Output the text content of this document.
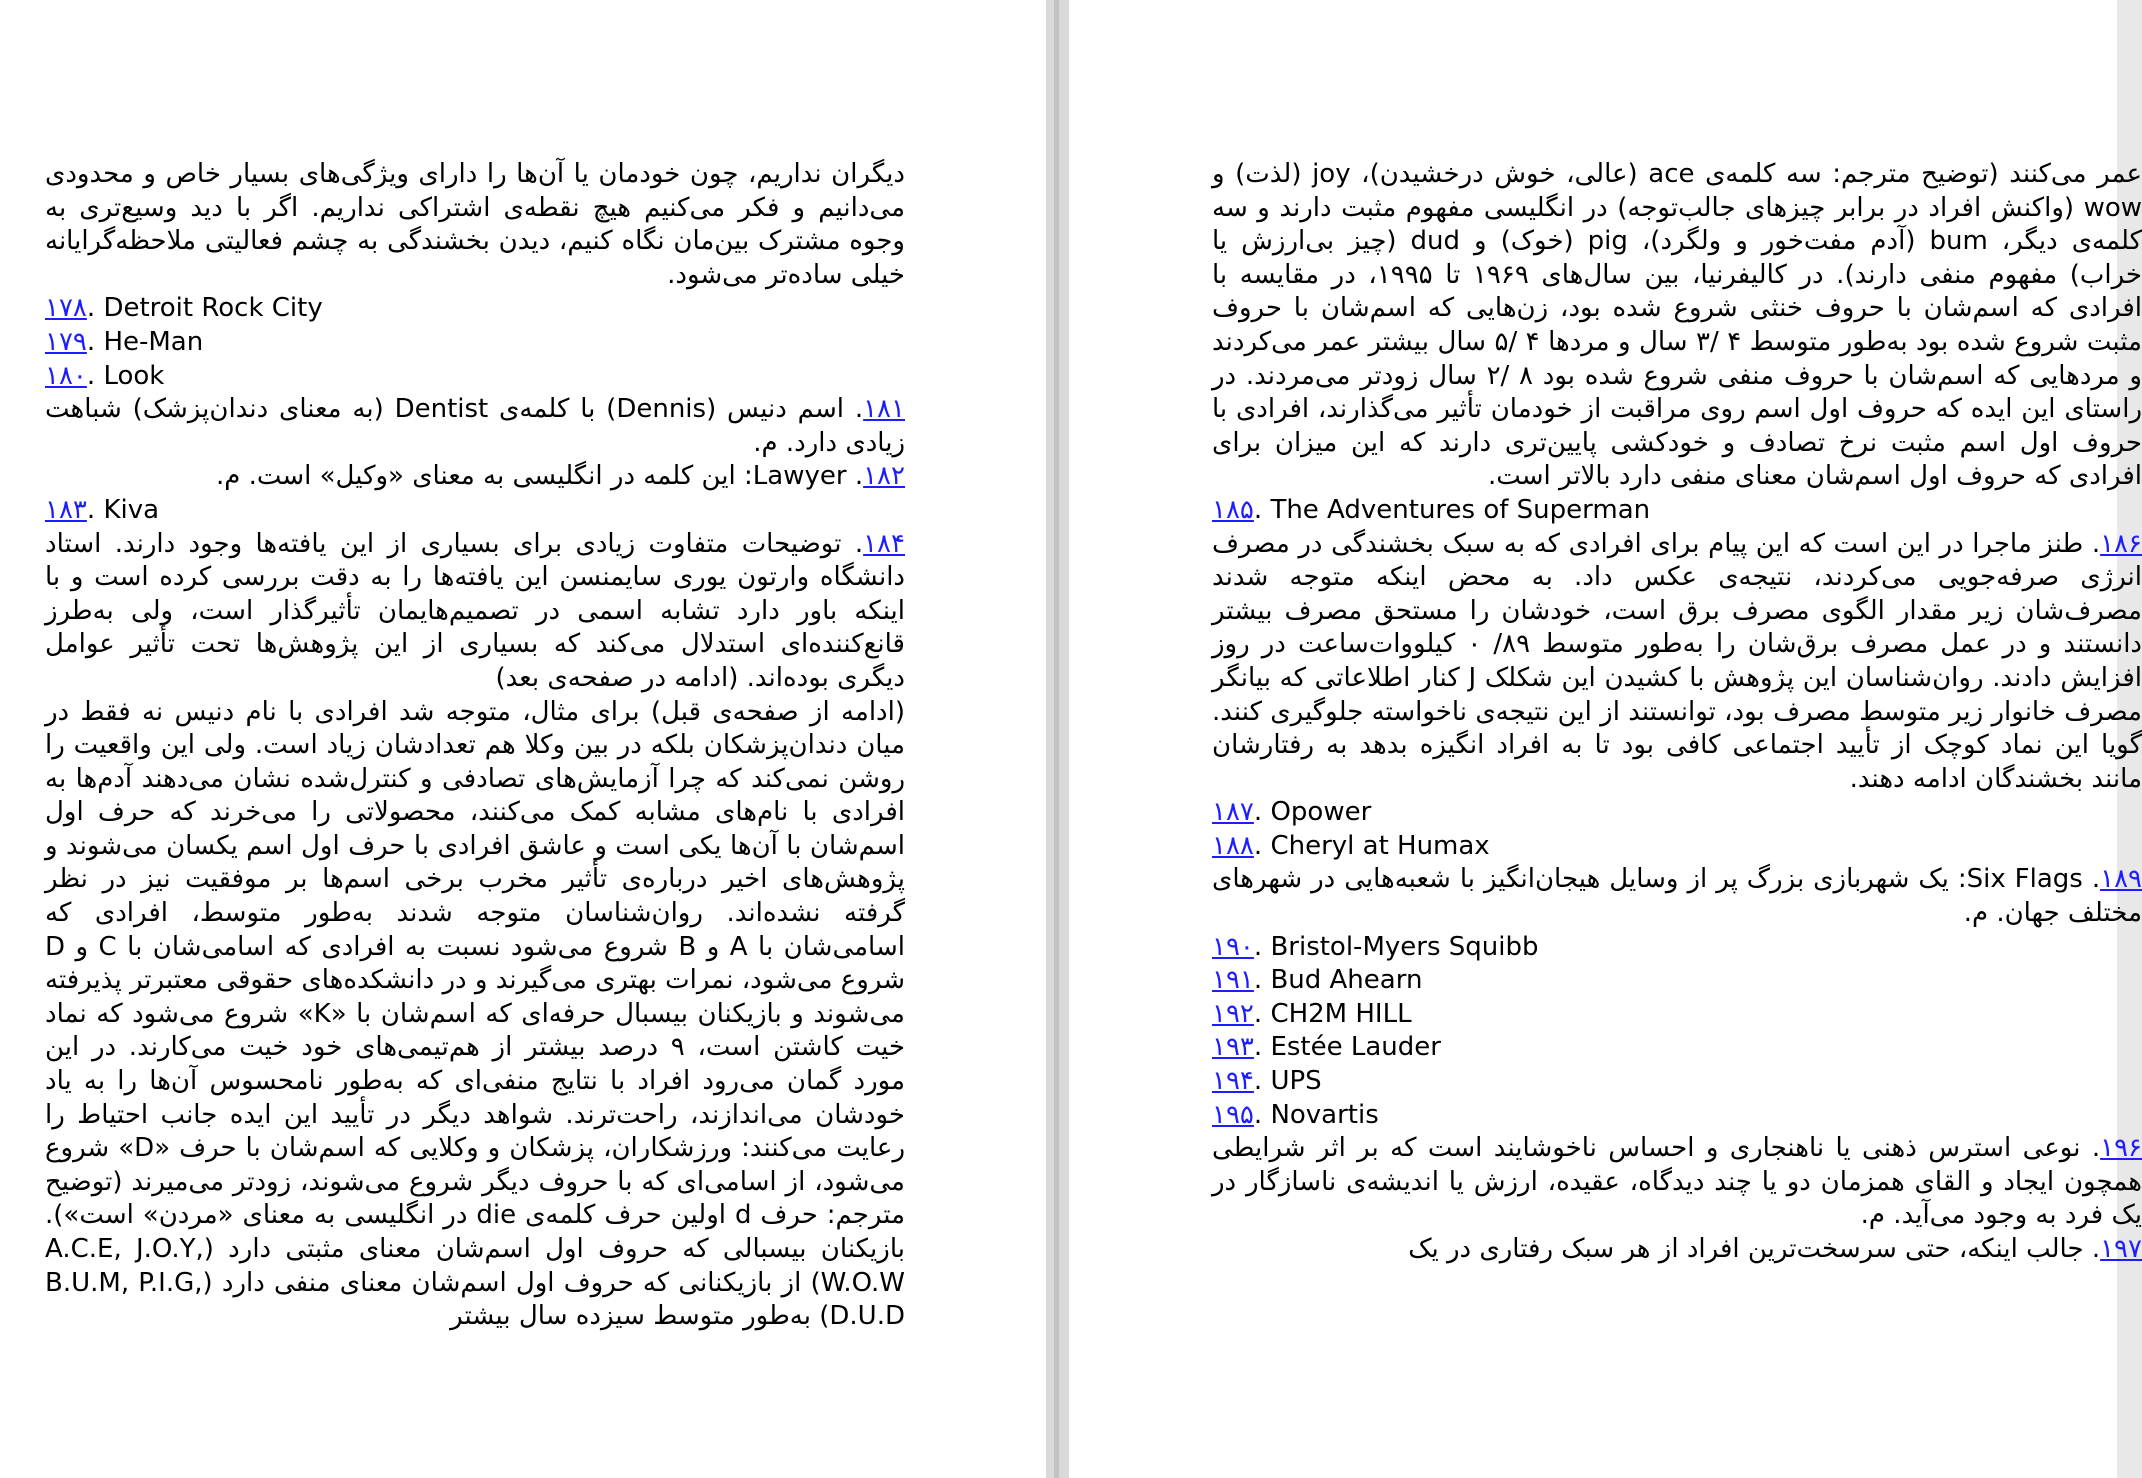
دیگران نداریم، چون خودمان یا آن‌ها را دارای ویژگی‌های بسیار خاص و محدودی می‌دانیم و فکر می‌کنیم هیچ نقطه‌ی اشتراکی نداریم. اگر با دید وسیع‌تری به وجوه مشترک بین‌مان نگاه کنیم، دیدن بخشندگی به چشم فعالیتی ملاحظه‌گرایانه خیلی ساده‌تر می‌شود.

۱۷۸. Detroit Rock City

۱۷۹. He-Man

۱۸۰. Look

۱۸۱. اسم دنیس (Dennis) با کلمه‌ی Dentist (به معنای دندان‌پزشک) شباهت زیادی دارد. م.

۱۸۲. Lawyer: این کلمه در انگلیسی به معنای «وکیل» است. م.

۱۸۳. Kiva

۱۸۴. توضیحات متفاوت زیادی برای بسیاری از این یافته‌ها وجود دارند. استاد دانشگاه وارتون یوری سایمنسن این یافته‌ها را به دقت بررسی کرده است و با اینکه باور دارد تشابه اسمی در تصمیم‌هایمان تأثیرگذار است، ولی به‌طرز قانع‌کننده‌ای استدلال می‌کند که بسیاری از این پژوهش‌ها تحت تأثیر عوامل دیگری بوده‌اند. (ادامه در صفحه‌ی بعد)

(ادامه از صفحه‌ی قبل) برای مثال، متوجه شد افرادی با نام دنیس نه فقط در میان دندان‌پزشکان بلکه در بین وکلا هم تعدادشان زیاد است. ولی این واقعیت را روشن نمی‌کند که چرا آزمایش‌های تصادفی و کنترل‌شده نشان می‌دهند آدم‌ها به افرادی با نام‌های مشابه کمک می‌کنند، محصولاتی را می‌خرند که حرف اول اسم‌شان با آن‌ها یکی است و عاشق افرادی با حرف اول اسم یکسان می‌شوند و پژوهش‌های اخیر درباره‌ی تأثیر مخرب برخی اسم‌ها بر موفقیت نیز در نظر گرفته نشده‌اند. روان‌شناسان متوجه شدند به‌طور متوسط، افرادی که اسامی‌شان با A و B شروع می‌شود نسبت به افرادی که اسامی‌شان با C و D شروع می‌شود، نمرات بهتری می‌گیرند و در دانشکده‌های حقوقی معتبرتر پذیرفته می‌شوند و بازیکنان بیسبال حرفه‌ای که اسم‌شان با «K» شروع می‌شود که نماد خیت کاشتن است، ۹ درصد بیشتر از هم‌تیمی‌های خود خیت می‌کارند. در این مورد گمان می‌رود افراد با نتایج منفی‌ای که به‌طور نامحسوس آن‌ها را به یاد خودشان می‌اندازند، راحت‌ترند. شواهد دیگر در تأیید این ایده جانب احتیاط را رعایت می‌کنند: ورزشکاران، پزشکان و وکلایی که اسم‌شان با حرف «D» شروع می‌شود، از اسامی‌ای که با حروف دیگر شروع می‌شوند، زودتر می‌میرند (توضیح مترجم: حرف d اولین حرف کلمه‌ی die در انگلیسی به معنای «مردن» است»). بازیکنان بیسبالی که حروف اول اسم‌شان معنای مثبتی دارد (A.C.E, J.O.Y, W.O.W) از بازیکنانی که حروف اول اسم‌شان معنای منفی دارد (B.U.M, P.I.G, D.U.D) به‌طور متوسط سیزده سال بیشتر

عمر می‌کنند (توضیح مترجم: سه کلمه‌ی ace (عالی، خوش درخشیدن)، joy (لذت) و wow (واکنش افراد در برابر چیزهای جالب‌توجه) در انگلیسی مفهوم مثبت دارند و سه کلمه‌ی دیگر، bum (آدم مفت‌خور و ولگرد)، pig (خوک) و dud (چیز بی‌ارزش یا خراب) مفهوم منفی دارند). در کالیفرنیا، بین سال‌های ۱۹۶۹ تا ۱۹۹۵، در مقایسه با افرادی که اسم‌شان با حروف خنثی شروع شده بود، زن‌هایی که اسم‌شان با حروف مثبت شروع شده بود به‌طور متوسط ۴ /۳ سال و مردها ۴ /۵ سال بیشتر عمر می‌کردند و مردهایی که اسم‌شان با حروف منفی شروع شده بود ۸ /۲ سال زودتر می‌مردند. در راستای این ایده که حروف اول اسم روی مراقبت از خودمان تأثیر می‌گذارند، افرادی با حروف اول اسم مثبت نرخ تصادف و خودکشی پایین‌تری دارند که این میزان برای افرادی که حروف اول اسم‌شان معنای منفی دارد بالاتر است.

۱۸۵. The Adventures of Superman

۱۸۶. طنز ماجرا در این است که این پیام برای افرادی که به سبک بخشندگی در مصرف انرژی صرفه‌جویی می‌کردند، نتیجه‌ی عکس داد. به محض اینکه متوجه شدند مصرف‌شان زیر مقدار الگوی مصرف برق است، خودشان را مستحق مصرف بیشتر دانستند و در عمل مصرف برق‌شان را به‌طور متوسط ۸۹/ ۰ کیلووات‌ساعت در روز افزایش دادند. روان‌شناسان این پژوهش با کشیدن این شکلک J کنار اطلاعاتی که بیانگر مصرف خانوار زیر متوسط مصرف بود، توانستند از این نتیجه‌ی ناخواسته جلوگیری کنند. گویا این نماد کوچک از تأیید اجتماعی کافی بود تا به افراد انگیزه بدهد به رفتارشان مانند بخشندگان ادامه دهند.

۱۸۷. Opower

۱۸۸. Cheryl at Humax

۱۸۹. Six Flags: یک شهربازی بزرگ پر از وسایل هیجان‌انگیز با شعبه‌هایی در شهرهای مختلف جهان. م.

۱۹۰. Bristol-Myers Squibb

۱۹۱. Bud Ahearn

۱۹۲. CH2M HILL

۱۹۳. Estée Lauder

۱۹۴. UPS

۱۹۵. Novartis

۱۹۶. نوعی استرس ذهنی یا ناهنجاری و احساس ناخوشایند است که بر اثر شرایطی همچون ایجاد و القای همزمان دو یا چند دیدگاه، عقیده، ارزش یا اندیشه‌ی ناسازگار در یک فرد به وجود می‌آید. م.

۱۹۷. جالب اینکه، حتی سرسخت‌ترین افراد از هر سبک رفتاری در یک
